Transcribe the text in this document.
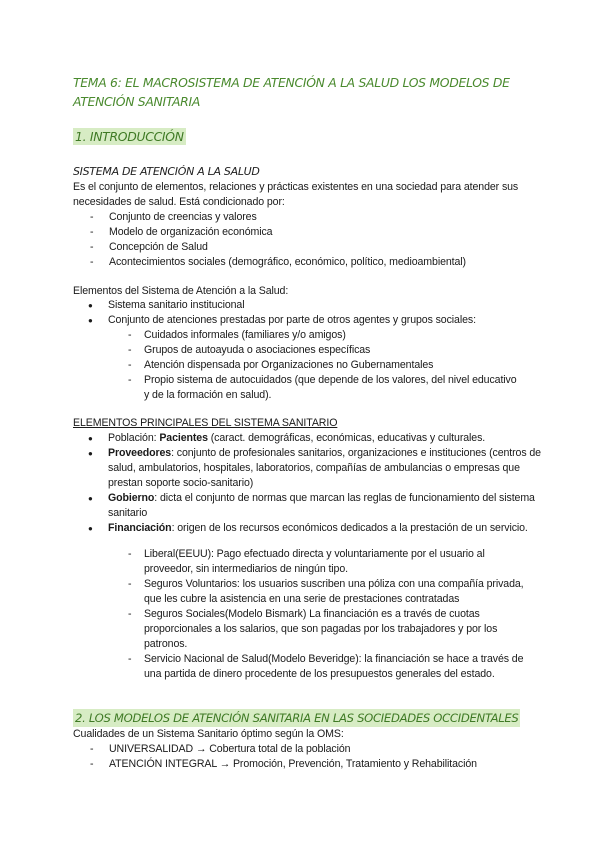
TEMA 6: EL MACROSISTEMA DE ATENCIÓN A LA SALUD LOS MODELOS DE ATENCIÓN SANITARIA
1. INTRODUCCIÓN
SISTEMA DE ATENCIÓN A LA SALUD
Es el conjunto de elementos, relaciones y prácticas existentes en una sociedad para atender sus necesidades de salud. Está condicionado por:
- Conjunto de creencias y valores
- Modelo de organización económica
- Concepción de Salud
- Acontecimientos sociales (demográfico, económico, político, medioambiental)
Elementos del Sistema de Atención a la Salud:
● Sistema sanitario institucional
● Conjunto de atenciones prestadas por parte de otros agentes y grupos sociales:
- Cuidados informales (familiares y/o amigos)
- Grupos de autoayuda o asociaciones específicas
- Atención dispensada por Organizaciones no Gubernamentales
- Propio sistema de autocuidados (que depende de los valores, del nivel educativo y de la formación en salud).
ELEMENTOS PRINCIPALES DEL SISTEMA SANITARIO
● Población: Pacientes (caract. demográficas, económicas, educativas y culturales.
● Proveedores: conjunto de profesionales sanitarios, organizaciones e instituciones (centros de salud, ambulatorios, hospitales, laboratorios, compañías de ambulancias o empresas que prestan soporte socio-sanitario)
● Gobierno: dicta el conjunto de normas que marcan las reglas de funcionamiento del sistema sanitario
● Financiación: origen de los recursos económicos dedicados a la prestación de un servicio.
- Liberal(EEUU): Pago efectuado directa y voluntariamente por el usuario al proveedor, sin intermediarios de ningún tipo.
- Seguros Voluntarios: los usuarios suscriben una póliza con una compañía privada, que les cubre la asistencia en una serie de prestaciones contratadas
- Seguros Sociales(Modelo Bismark) La financiación es a través de cuotas proporcionales a los salarios, que son pagadas por los trabajadores y por los patronos.
- Servicio Nacional de Salud(Modelo Beveridge): la financiación se hace a través de una partida de dinero procedente de los presupuestos generales del estado.
2. LOS MODELOS DE ATENCIÓN SANITARIA EN LAS SOCIEDADES OCCIDENTALES
Cualidades de un Sistema Sanitario óptimo según la OMS:
- UNIVERSALIDAD → Cobertura total de la población
- ATENCIÓN INTEGRAL → Promoción, Prevención, Tratamiento y Rehabilitación
